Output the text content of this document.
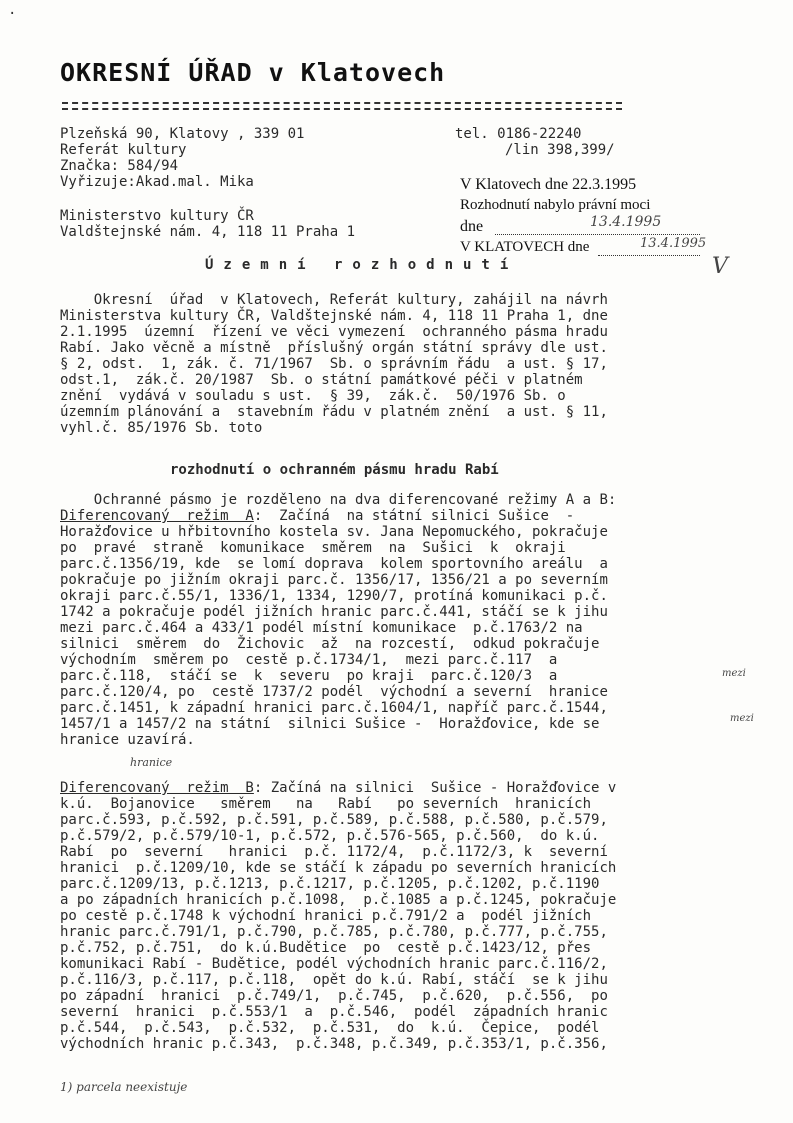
·
OKRESNÍ ÚŘAD v Klatovech
Plzeňská 90, Klatovy , 339 01
Referát kultury
Značka: 584/94
Vyřizuje:Akad.mal. Mika
tel. 0186-22240
/lin 398,399/
V Klatovech dne 22.3.1995
Rozhodnutí nabylo právní moci
dne	13.4.1995
V KLATOVECH dne	13.4.1995
V
Ministerstvo kultury ČR
Valdštejnské nám. 4, 118 11 Praha 1
Územní rozhodnutí
Okresní  úřad  v Klatovech, Referát kultury, zahájil na návrh
Ministerstva kultury ČR, Valdštejnské nám. 4, 118 11 Praha 1, dne
2.1.1995  územní  řízení ve věci vymezení  ochranného pásma hradu
Rabí. Jako věcně a místně  příslušný orgán státní správy dle ust.
§ 2, odst.  1, zák. č. 71/1967  Sb. o správním řádu  a ust. § 17,
odst.1,  zák.č. 20/1987  Sb. o státní památkové péči v platném
znění  vydává v souladu s ust.  § 39,  zák.č.  50/1976 Sb. o
územním plánování a  stavebním řádu v platném znění  a ust. § 11,
vyhl.č. 85/1976 Sb. toto
rozhodnutí o ochranném pásmu hradu Rabí
Ochranné pásmo je rozděleno na dva diferencované režimy A a B:
Diferencovaný  režim  A:  Začíná  na státní silnici Sušice  -
Horažďovice u hřbitovního kostela sv. Jana Nepomuckého, pokračuje
po  pravé  straně  komunikace  směrem  na  Sušici  k  okraji
parc.č.1356/19, kde  se lomí doprava  kolem sportovního areálu  a
pokračuje po jižním okraji parc.č. 1356/17, 1356/21 a po severním
okraji parc.č.55/1, 1336/1, 1334, 1290/7, protíná komunikaci p.č.
1742 a pokračuje podél jižních hranic parc.č.441, stáčí se k jihu
mezi parc.č.464 a 433/1 podél místní komunikace  p.č.1763/2 na
silnici  směrem  do  Žichovic  až  na rozcestí,  odkud pokračuje
východním  směrem po  cestě p.č.1734/1,  mezi parc.č.117  a
parc.č.118,  stáčí se  k  severu  po kraji  parc.č.120/3  a
parc.č.120/4, po  cestě 1737/2 podél  východní a severní  hranice
parc.č.1451, k západní hranici parc.č.1604/1, napříč parc.č.1544,
1457/1 a 1457/2 na státní  silnici Sušice -  Horažďovice, kde se
hranice uzavírá.
mezi
mezi
hranice
Diferencovaný  režim  B: Začíná na silnici  Sušice - Horažďovice v
k.ú.  Bojanovice   směrem   na   Rabí   po severních  hranicích
parc.č.593, p.č.592, p.č.591, p.č.589, p.č.588, p.č.580, p.č.579,
p.č.579/2, p.č.579/10-1, p.č.572, p.č.576-565, p.č.560,  do k.ú.
Rabí  po  severní   hranici  p.č. 1172/4,  p.č.1172/3, k  severní
hranici  p.č.1209/10, kde se stáčí k západu po severních hranicích
parc.č.1209/13, p.č.1213, p.č.1217, p.č.1205, p.č.1202, p.č.1190
a po západních hranicích p.č.1098,  p.č.1085 a p.č.1245, pokračuje
po cestě p.č.1748 k východní hranici p.č.791/2 a  podél jižních
hranic parc.č.791/1, p.č.790, p.č.785, p.č.780, p.č.777, p.č.755,
p.č.752, p.č.751,  do k.ú.Budětice  po  cestě p.č.1423/12, přes
komunikaci Rabí - Budětice, podél východních hranic parc.č.116/2,
p.č.116/3, p.č.117, p.č.118,  opět do k.ú. Rabí, stáčí  se k jihu
po západní  hranici  p.č.749/1,  p.č.745,  p.č.620,  p.č.556,  po
severní  hranici  p.č.553/1  a  p.č.546,  podél  západních hranic
p.č.544,  p.č.543,  p.č.532,  p.č.531,  do  k.ú.  Čepice,  podél
východních hranic p.č.343,  p.č.348, p.č.349, p.č.353/1, p.č.356,
1) parcela neexistuje
